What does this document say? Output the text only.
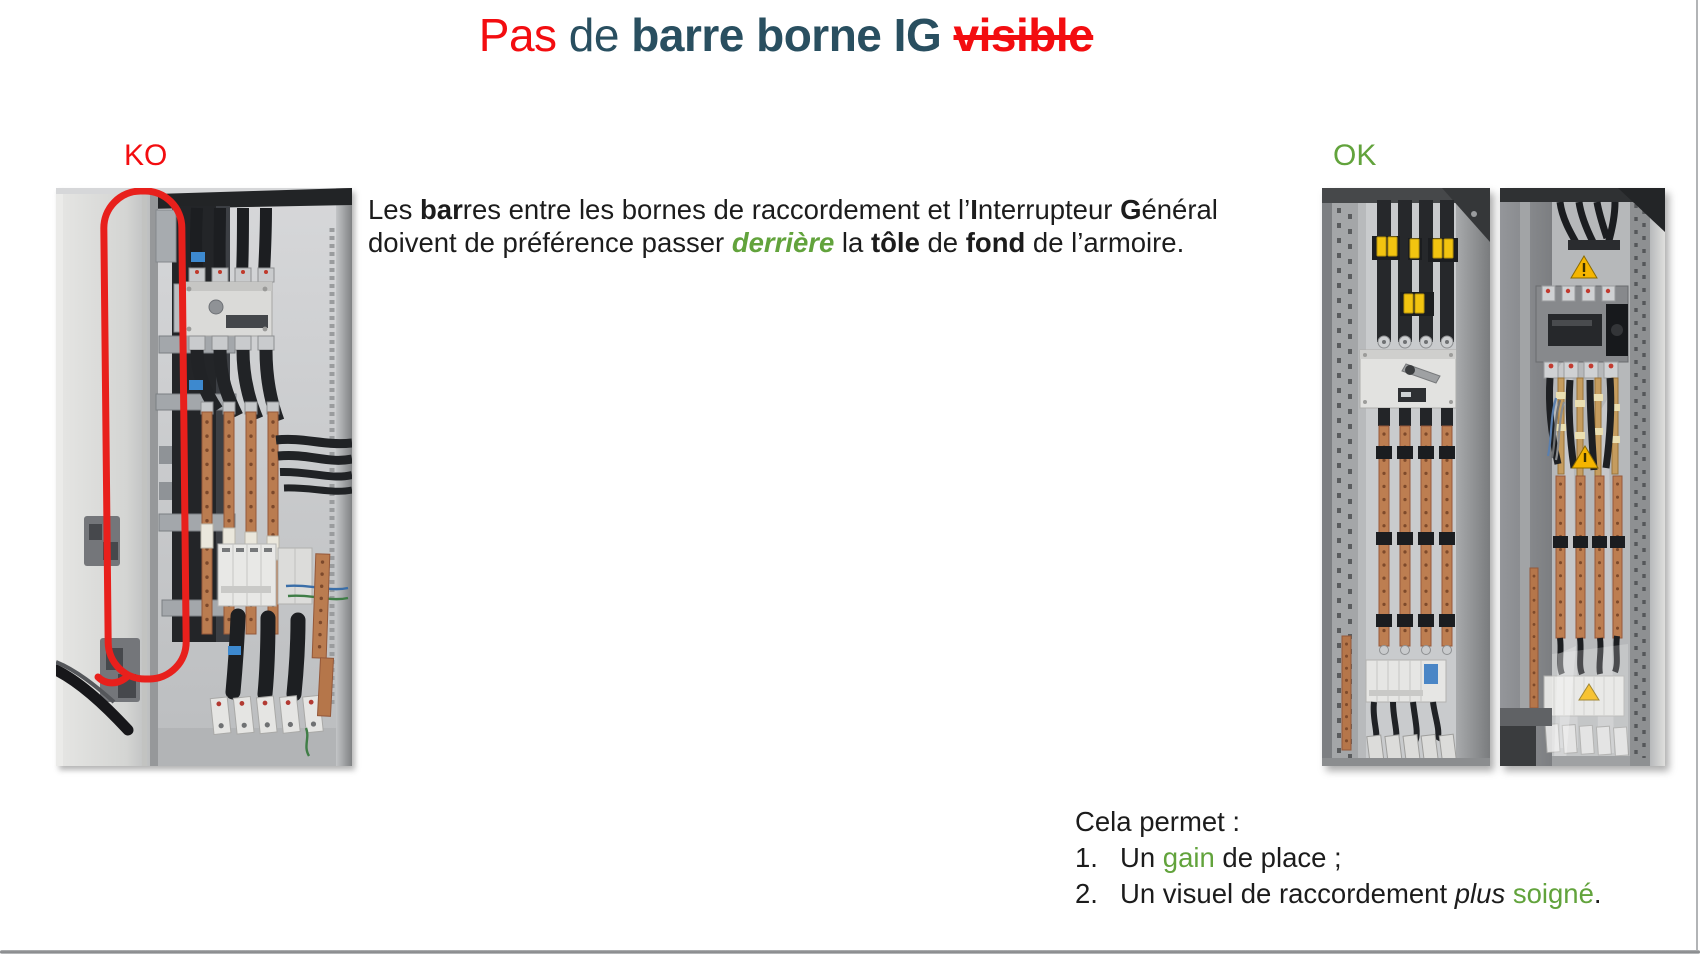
Pas de barre borne IG visible
KO	OK
Les barres entre les bornes de raccordement et l’Interrupteur Général
doivent de préférence passer derrière la tôle de fond de l’armoire.
Cela permet :
1. Un gain de place ;
2. Un visuel de raccordement plus soigné.
